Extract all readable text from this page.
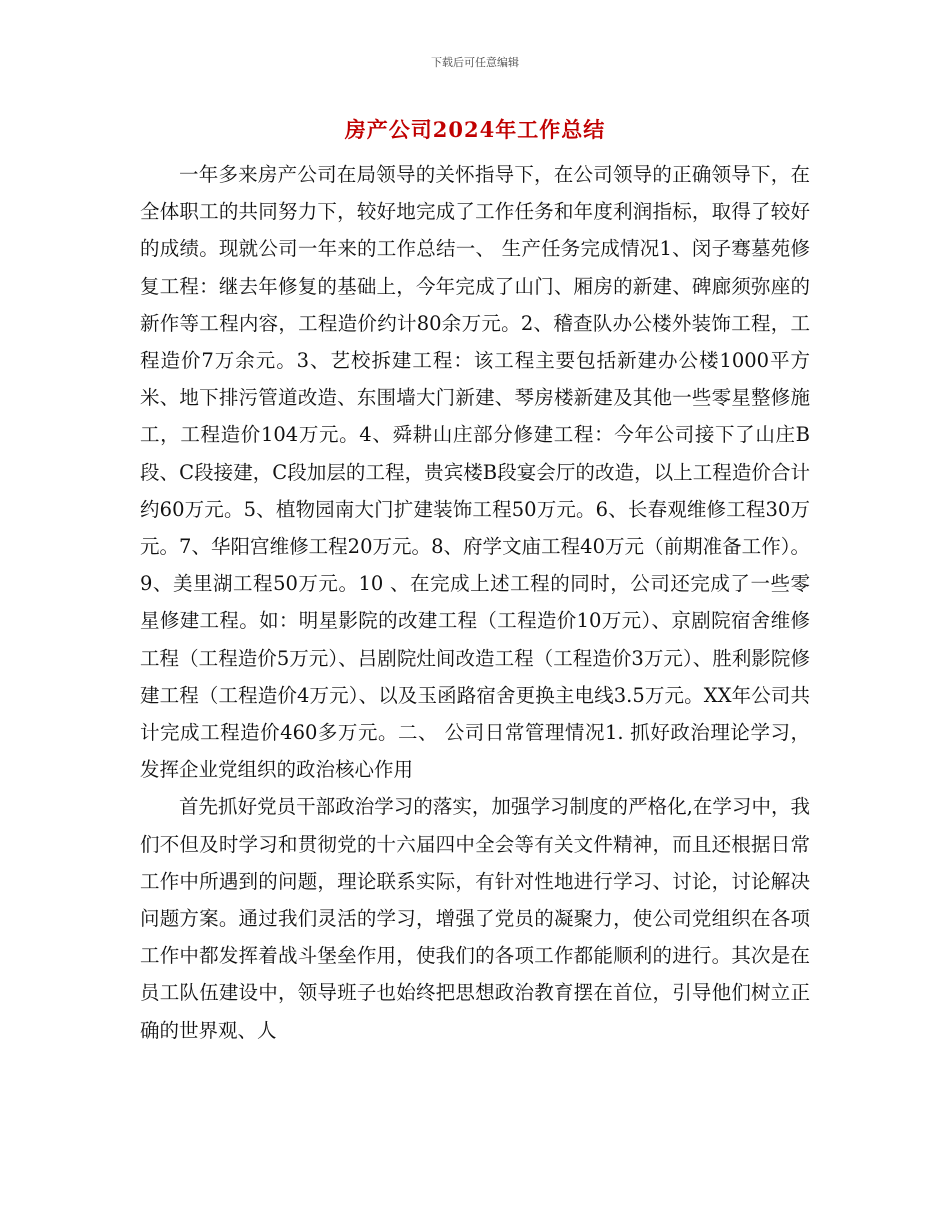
下载后可任意编辑
房产公司2024年工作总结

一年多来房产公司在局领导的关怀指导下，在公司领导的正确领导下，在全体职工的共同努力下，较好地完成了工作任务和年度利润指标，取得了较好的成绩。现就公司一年来的工作总结一、 生产任务完成情况1、闵子骞墓苑修复工程：继去年修复的基础上，今年完成了山门、厢房的新建、碑廊须弥座的新作等工程内容，工程造价约计80余万元。2、稽查队办公楼外装饰工程，工程造价7万余元。3、艺校拆建工程：该工程主要包括新建办公楼1000平方米、地下排污管道改造、东围墙大门新建、琴房楼新建及其他一些零星整修施工，工程造价104万元。4、舜耕山庄部分修建工程：今年公司接下了山庄B段、C段接建，C段加层的工程，贵宾楼B段宴会厅的改造，以上工程造价合计约60万元。5、植物园南大门扩建装饰工程50万元。6、长春观维修工程30万元。7、华阳宫维修工程20万元。8、府学文庙工程40万元（前期准备工作）。9、美里湖工程50万元。10 、在完成上述工程的同时，公司还完成了一些零星修建工程。如：明星影院的改建工程（工程造价10万元）、京剧院宿舍维修工程（工程造价5万元）、吕剧院灶间改造工程（工程造价3万元）、胜利影院修建工程（工程造价4万元）、以及玉函路宿舍更换主电线3.5万元。XX年公司共计完成工程造价460多万元。二、 公司日常管理情况1. 抓好政治理论学习，发挥企业党组织的政治核心作用

首先抓好党员干部政治学习的落实，加强学习制度的严格化,在学习中，我们不但及时学习和贯彻党的十六届四中全会等有关文件精神，而且还根据日常工作中所遇到的问题，理论联系实际，有针对性地进行学习、讨论，讨论解决问题方案。通过我们灵活的学习，增强了党员的凝聚力，使公司党组织在各项工作中都发挥着战斗堡垒作用，使我们的各项工作都能顺利的进行。其次是在员工队伍建设中，领导班子也始终把思想政治教育摆在首位，引导他们树立正确的世界观、人
